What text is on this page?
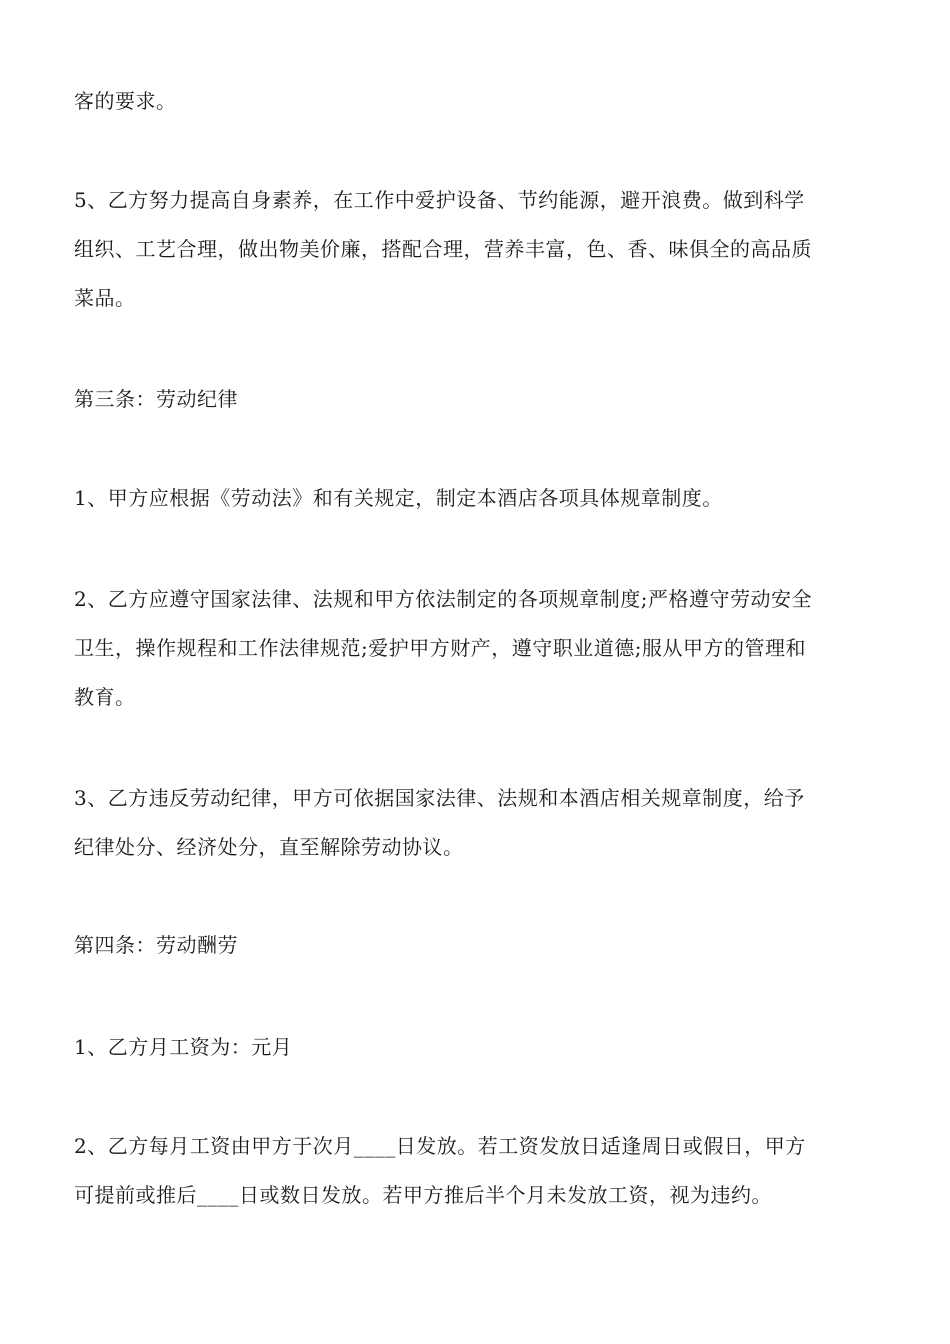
客的要求。

5、乙方努力提高自身素养，在工作中爱护设备、节约能源，避开浪费。做到科学
组织、工艺合理，做出物美价廉，搭配合理，营养丰富，色、香、味俱全的高品质
菜品。

第三条：劳动纪律

1、甲方应根据《劳动法》和有关规定，制定本酒店各项具体规章制度。

2、乙方应遵守国家法律、法规和甲方依法制定的各项规章制度;严格遵守劳动安全
卫生，操作规程和工作法律规范;爱护甲方财产，遵守职业道德;服从甲方的管理和
教育。

3、乙方违反劳动纪律，甲方可依据国家法律、法规和本酒店相关规章制度，给予
纪律处分、经济处分，直至解除劳动协议。

第四条：劳动酬劳

1、乙方月工资为：元月

2、乙方每月工资由甲方于次月____日发放。若工资发放日适逢周日或假日，甲方
可提前或推后____日或数日发放。若甲方推后半个月未发放工资，视为违约。
